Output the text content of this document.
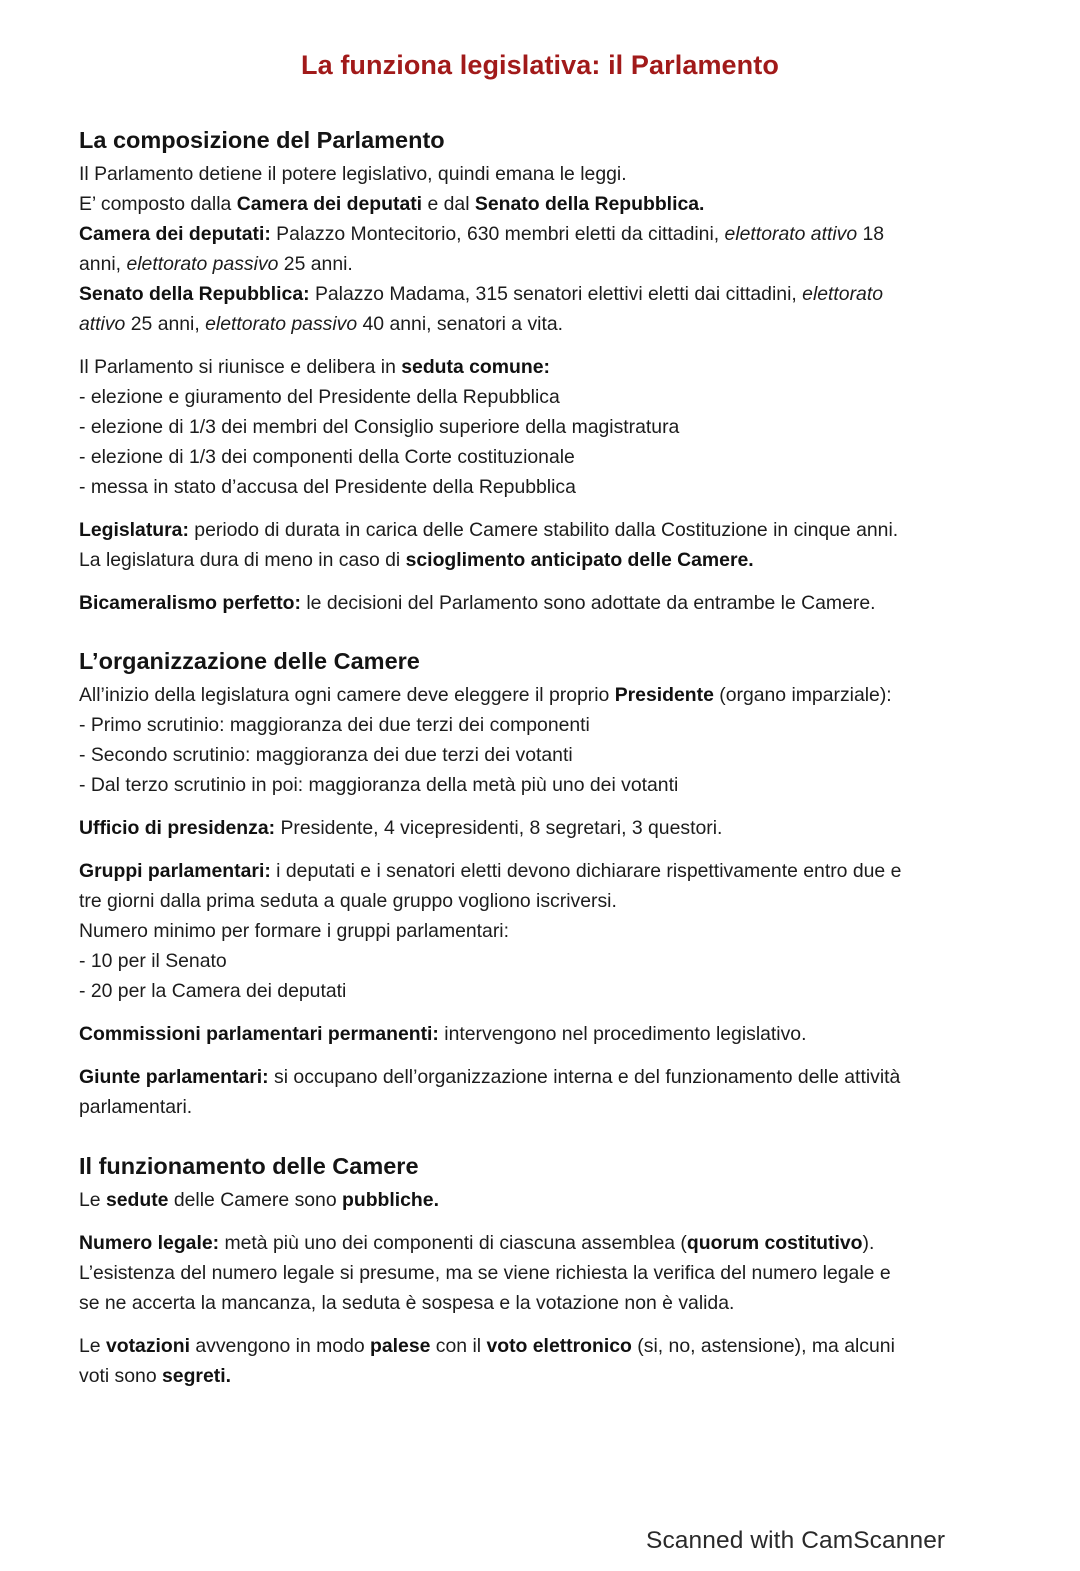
La funziona legislativa: il Parlamento
La composizione del Parlamento
Il Parlamento detiene il potere legislativo, quindi emana le leggi.
E’ composto dalla Camera dei deputati e dal Senato della Repubblica.
Camera dei deputati: Palazzo Montecitorio, 630 membri eletti da cittadini, elettorato attivo 18
anni, elettorato passivo 25 anni.
Senato della Repubblica: Palazzo Madama, 315 senatori elettivi eletti dai cittadini, elettorato
attivo 25 anni, elettorato passivo 40 anni, senatori a vita.
Il Parlamento si riunisce e delibera in seduta comune:
- elezione e giuramento del Presidente della Repubblica
- elezione di 1/3 dei membri del Consiglio superiore della magistratura
- elezione di 1/3 dei componenti della Corte costituzionale
- messa in stato d’accusa del Presidente della Repubblica
Legislatura: periodo di durata in carica delle Camere stabilito dalla Costituzione in cinque anni.
La legislatura dura di meno in caso di scioglimento anticipato delle Camere.
Bicameralismo perfetto: le decisioni del Parlamento sono adottate da entrambe le Camere.
L’organizzazione delle Camere
All’inizio della legislatura ogni camere deve eleggere il proprio Presidente (organo imparziale):
- Primo scrutinio: maggioranza dei due terzi dei componenti
- Secondo scrutinio: maggioranza dei due terzi dei votanti
- Dal terzo scrutinio in poi: maggioranza della metà più uno dei votanti
Ufficio di presidenza: Presidente, 4 vicepresidenti, 8 segretari, 3 questori.
Gruppi parlamentari: i deputati e i senatori eletti devono dichiarare rispettivamente entro due e
tre giorni dalla prima seduta a quale gruppo vogliono iscriversi.
Numero minimo per formare i gruppi parlamentari:
- 10 per il Senato
- 20 per la Camera dei deputati
Commissioni parlamentari permanenti: intervengono nel procedimento legislativo.
Giunte parlamentari: si occupano dell’organizzazione interna e del funzionamento delle attività
parlamentari.
Il funzionamento delle Camere
Le sedute delle Camere sono pubbliche.
Numero legale: metà più uno dei componenti di ciascuna assemblea (quorum costitutivo).
L’esistenza del numero legale si presume, ma se viene richiesta la verifica del numero legale e
se ne accerta la mancanza, la seduta è sospesa e la votazione non è valida.
Le votazioni avvengono in modo palese con il voto elettronico (si, no, astensione), ma alcuni
voti sono segreti.
Scanned with CamScanner
